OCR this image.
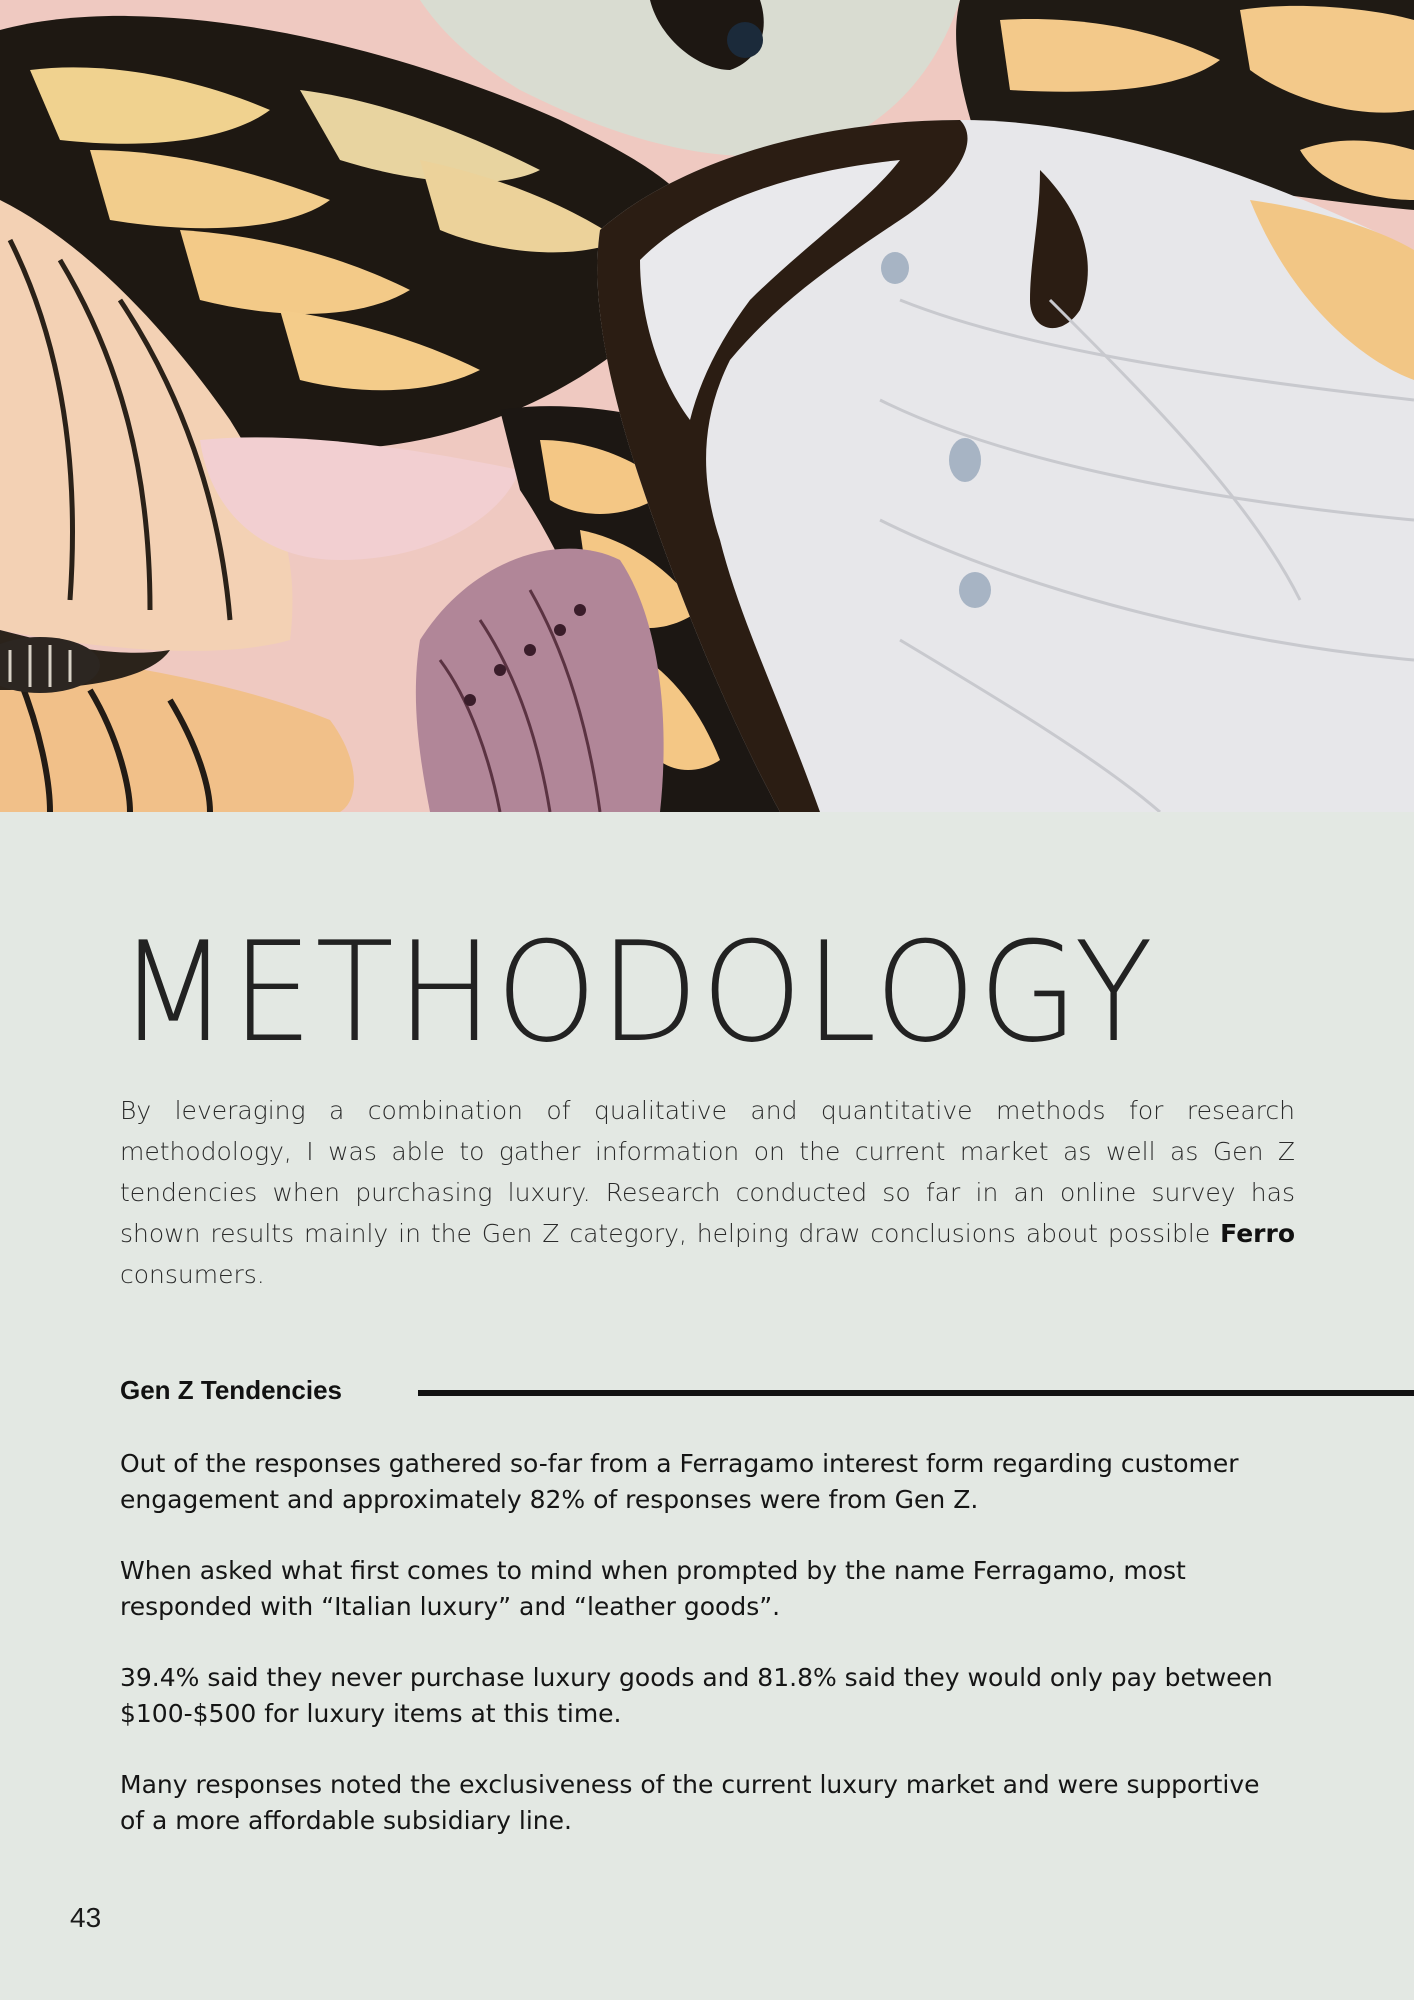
METHODOLOGY

By leveraging a combination of qualitative and quantitative methods for research methodology, I was able to gather information on the current market as well as Gen Z tendencies when purchasing luxury. Research conducted so far in an online survey has shown results mainly in the Gen Z category, helping draw conclusions about possible Ferro consumers.

Gen Z Tendencies

Out of the responses gathered so-far from a Ferragamo interest form regarding customer engagement and approximately 82% of responses were from Gen Z.

When asked what first comes to mind when prompted by the name Ferragamo, most responded with “Italian luxury” and “leather goods”.

39.4% said they never purchase luxury goods and 81.8% said they would only pay between $100-$500 for luxury items at this time.

Many responses noted the exclusiveness of the current luxury market and were supportive of a more affordable subsidiary line.

43
